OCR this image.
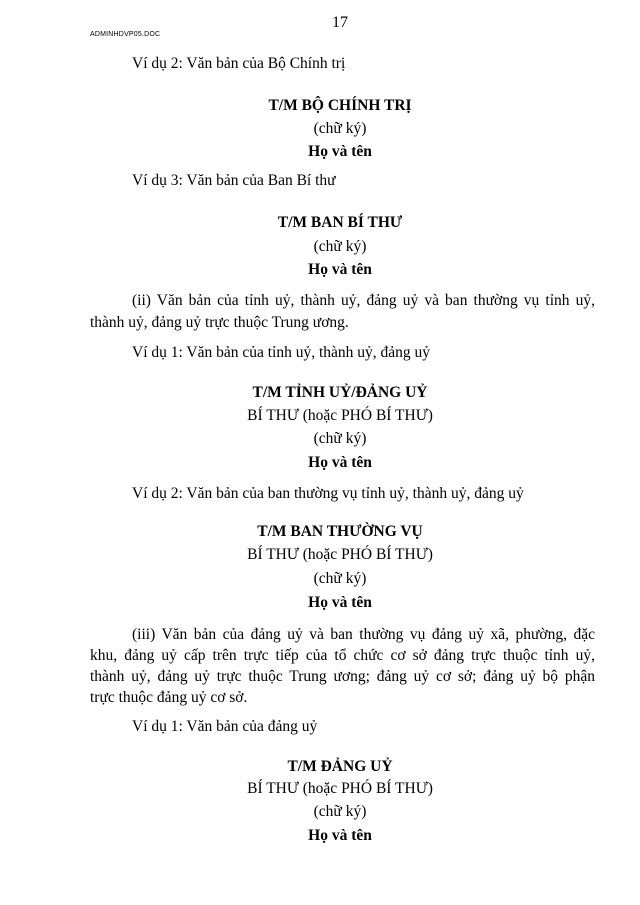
ADMINHDVP05.DOC
17
Ví dụ 2: Văn bản của Bộ Chính trị
T/M BỘ CHÍNH TRỊ
(chữ ký)
Họ và tên
Ví dụ 3: Văn bản của Ban Bí thư
T/M BAN BÍ THƯ
(chữ ký)
Họ và tên
(ii) Văn bản của tỉnh uỷ, thành uỷ, đảng uỷ và ban thường vụ tỉnh uỷ,
thành uỷ, đảng uỷ trực thuộc Trung ương.
Ví dụ 1: Văn bản của tỉnh uỷ, thành uỷ, đảng uỷ
T/M TỈNH UỶ/ĐẢNG UỶ
BÍ THƯ (hoặc PHÓ BÍ THƯ)
(chữ ký)
Họ và tên
Ví dụ 2: Văn bản của ban thường vụ tỉnh uỷ, thành uỷ, đảng uỷ
T/M BAN THƯỜNG VỤ
BÍ THƯ (hoặc PHÓ BÍ THƯ)
(chữ ký)
Họ và tên
(iii) Văn bản của đảng uỷ và ban thường vụ đảng uỷ xã, phường, đặc
khu, đảng uỷ cấp trên trực tiếp của tổ chức cơ sở đảng trực thuộc tỉnh uỷ,
thành uỷ, đảng uỷ trực thuộc Trung ương; đảng uỷ cơ sở; đảng uỷ bộ phận
trực thuộc đảng uỷ cơ sở.
Ví dụ 1: Văn bản của đảng uỷ
T/M ĐẢNG UỶ
BÍ THƯ (hoặc PHÓ BÍ THƯ)
(chữ ký)
Họ và tên
